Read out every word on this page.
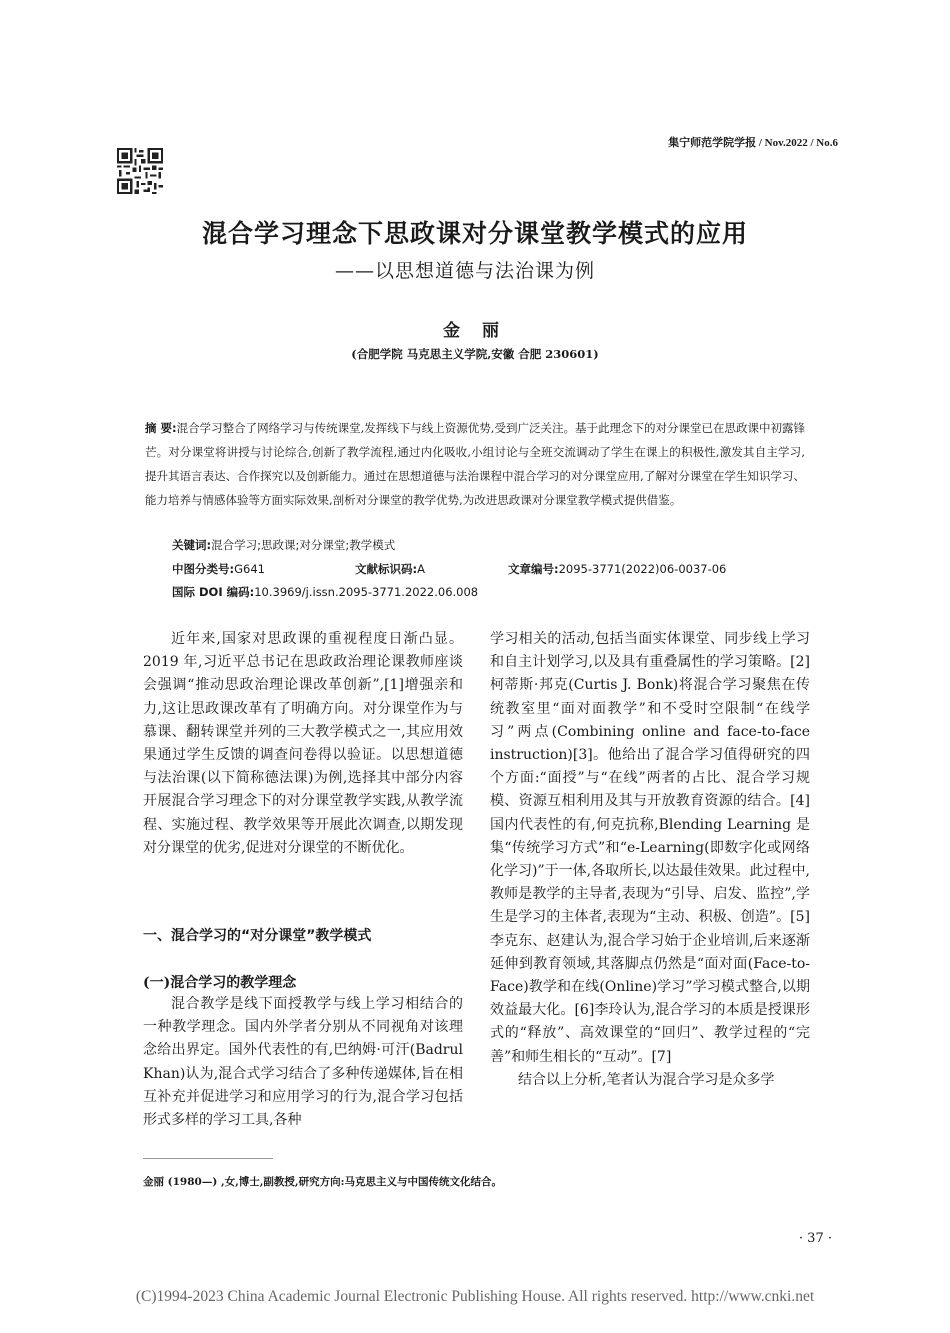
集宁师范学院学报 / Nov.2022 / No.6
混合学习理念下思政课对分课堂教学模式的应用
——以思想道德与法治课为例
金 丽
(合肥学院 马克思主义学院,安徽 合肥 230601)
摘 要:混合学习整合了网络学习与传统课堂,发挥线下与线上资源优势,受到广泛关注。基于此理念下的对分课堂已在思政课中初露锋芒。对分课堂将讲授与讨论综合,创新了教学流程,通过内化吸收,小组讨论与全班交流调动了学生在课上的积极性,激发其自主学习,提升其语言表达、合作探究以及创新能力。通过在思想道德与法治课程中混合学习的对分课堂应用,了解对分课堂在学生知识学习、能力培养与情感体验等方面实际效果,剖析对分课堂的教学优势,为改进思政课对分课堂教学模式提供借鉴。
关键词:混合学习;思政课;对分课堂;教学模式
中图分类号:G641	文献标识码:A	文章编号:2095-3771(2022)06-0037-06
国际 DOI 编码:10.3969/j.issn.2095-3771.2022.06.008

近年来,国家对思政课的重视程度日渐凸显。2019 年,习近平总书记在思政政治理论课教师座谈会强调“推动思政治理论课改革创新”,[1]增强亲和力,这让思政课改革有了明确方向。对分课堂作为与慕课、翻转课堂并列的三大教学模式之一,其应用效果通过学生反馈的调查问卷得以验证。以思想道德与法治课(以下简称德法课)为例,选择其中部分内容开展混合学习理念下的对分课堂教学实践,从教学流程、实施过程、教学效果等开展此次调查,以期发现对分课堂的优劣,促进对分课堂的不断优化。

一、混合学习的“对分课堂”教学模式
(一)混合学习的教学理念

混合教学是线下面授教学与线上学习相结合的一种教学理念。国内外学者分别从不同视角对该理念给出界定。国外代表性的有,巴纳姆·可汗(Badrul Khan)认为,混合式学习结合了多种传递媒体,旨在相互补充并促进学习和应用学习的行为,混合学习包括形式多样的学习工具,各种

学习相关的活动,包括当面实体课堂、同步线上学习和自主计划学习,以及具有重叠属性的学习策略。[2]柯蒂斯·邦克(Curtis J. Bonk)将混合学习聚焦在传统教室里“面对面教学”和不受时空限制“在线学习”两点(Combining online and face-to-face instruction)[3]。他给出了混合学习值得研究的四个方面:“面授”与“在线”两者的占比、混合学习规模、资源互相利用及其与开放教育资源的结合。[4]国内代表性的有,何克抗称,Blending Learning 是集“传统学习方式”和“e-Learning(即数字化或网络化学习)”于一体,各取所长,以达最佳效果。此过程中,教师是教学的主导者,表现为“引导、启发、监控”,学生是学习的主体者,表现为“主动、积极、创造”。[5]李克东、赵建认为,混合学习始于企业培训,后来逐渐延伸到教育领域,其落脚点仍然是“面对面(Face-to-Face)教学和在线(Online)学习”学习模式整合,以期效益最大化。[6]李玲认为,混合学习的本质是授课形式的“释放”、高效课堂的“回归”、教学过程的“完善”和师生相长的“互动”。[7]

结合以上分析,笔者认为混合学习是众多学

金丽 (1980—) ,女,博士,副教授,研究方向:马克思主义与中国传统文化结合。
· 37 ·
(C)1994-2023 China Academic Journal Electronic Publishing House. All rights reserved. http://www.cnki.net
